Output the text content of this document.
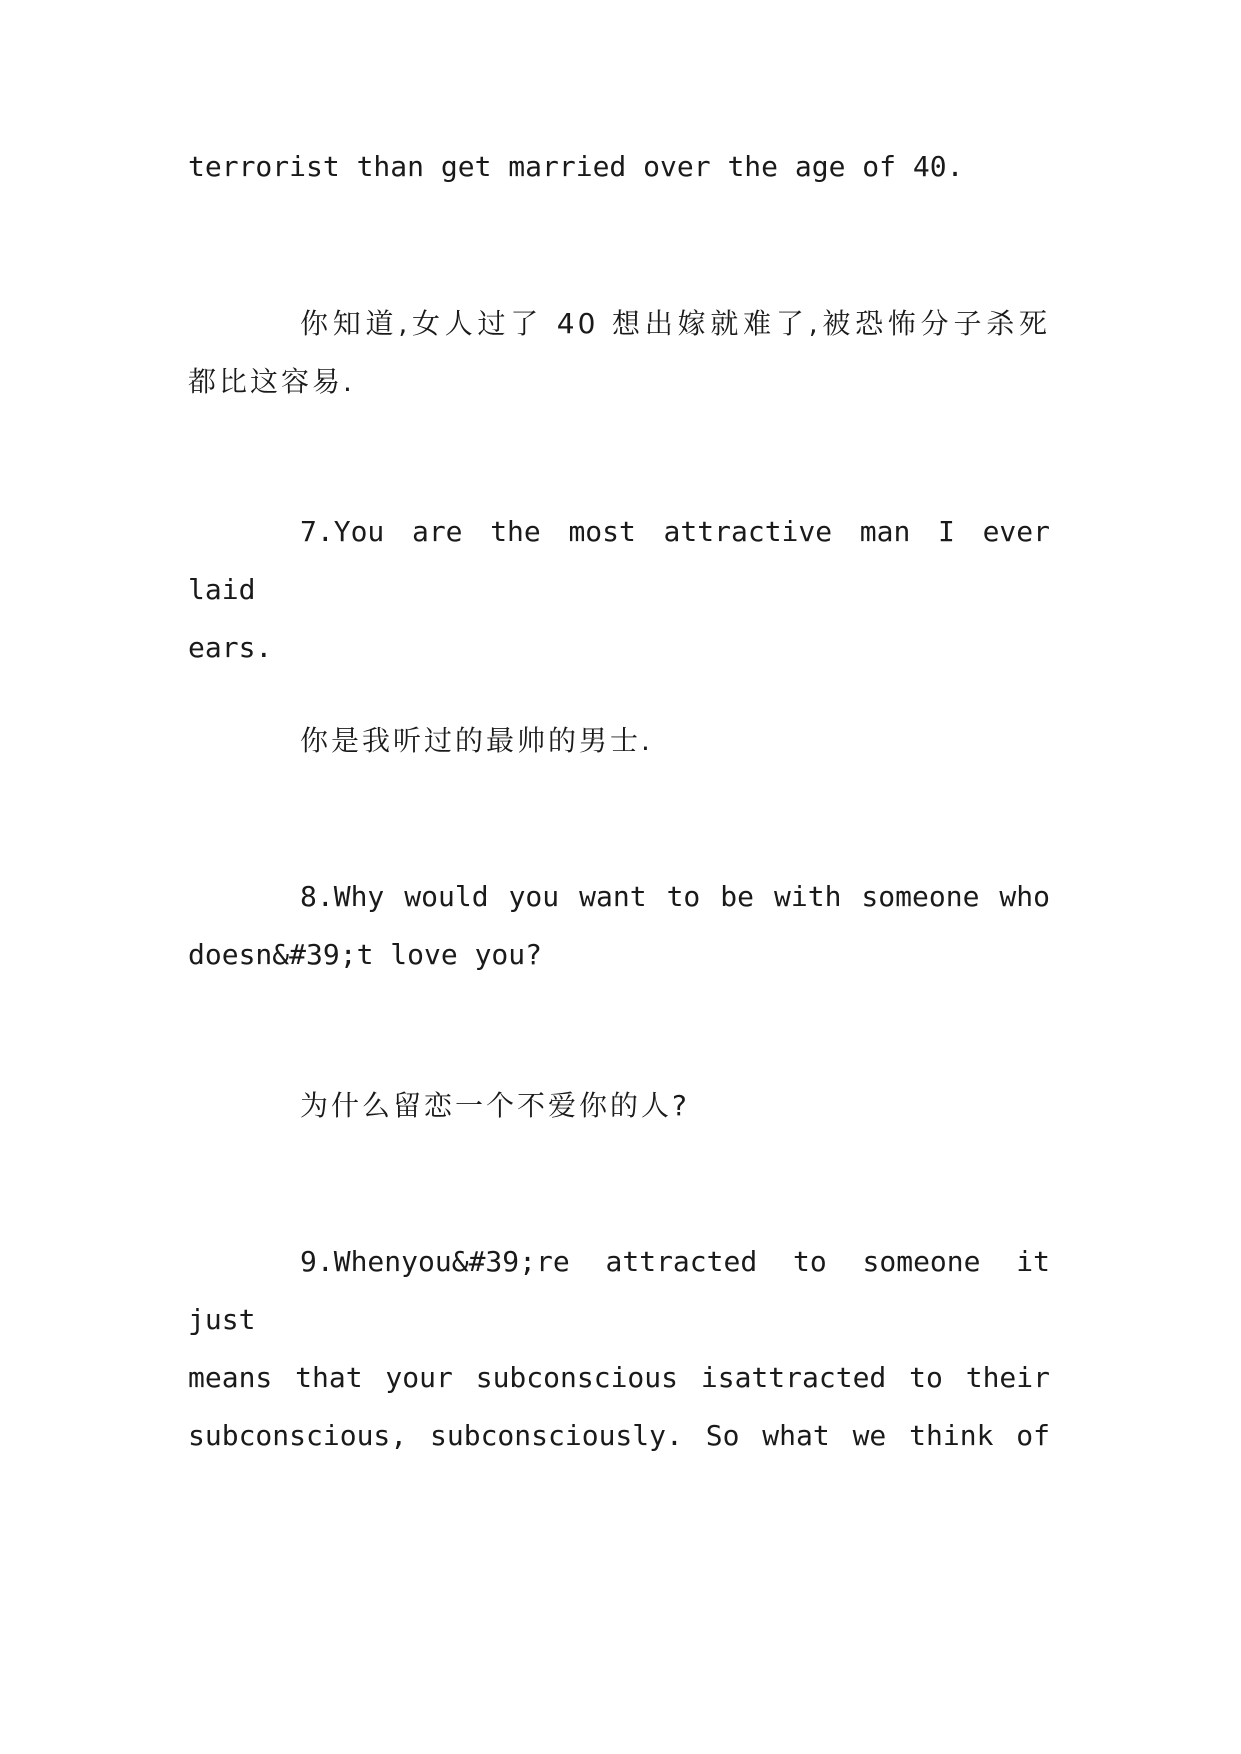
terrorist than get married over the age of 40.

你知道,女人过了 40 想出嫁就难了,被恐怖分子杀死
都比这容易.

7.You are the most attractive man I ever laid
ears.

你是我听过的最帅的男士.

8.Why would you want to be with someone who
doesn&#39;t love you?

为什么留恋一个不爱你的人?

9.Whenyou&#39;re attracted to someone it just
means that your subconscious isattracted to their
subconscious, subconsciously. So what we think of
